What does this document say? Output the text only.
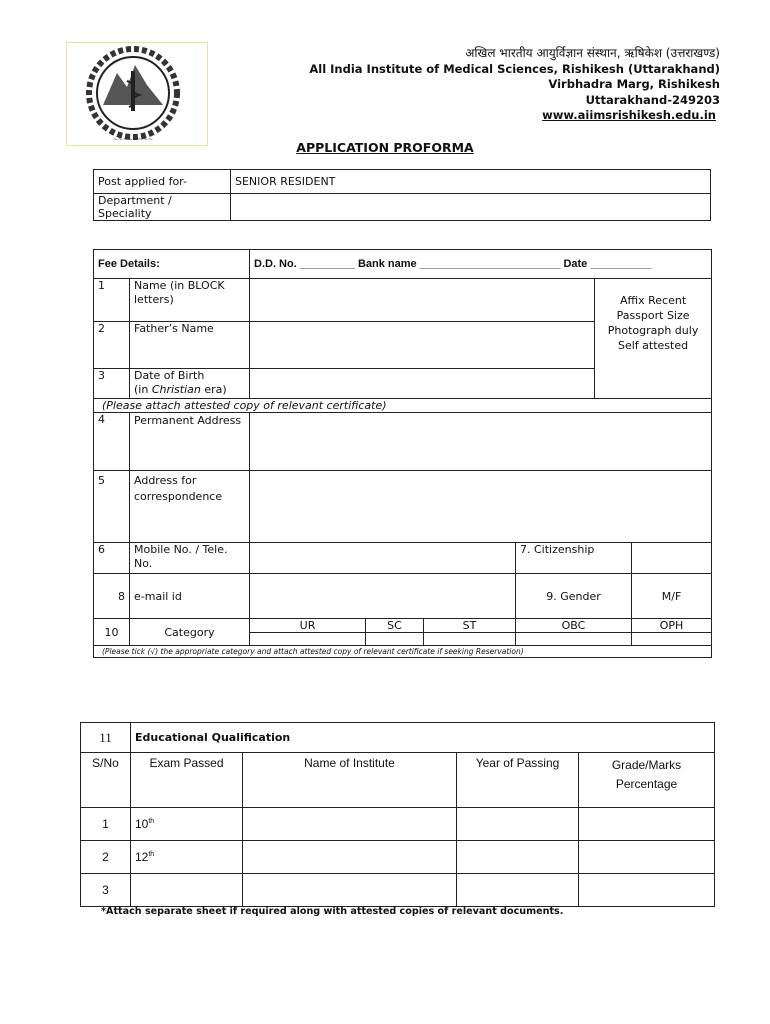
~~~~~~~~
अखिल भारतीय आयुर्विज्ञान संस्थान, ऋषिकेश (उत्तराखण्ड)
All India Institute of Medical Sciences, Rishikesh (Uttarakhand)
Virbhadra Marg, Rishikesh
Uttarakhand-249203
www.aiimsrishikesh.edu.in
APPLICATION PROFORMA
Post applied for-	SENIOR RESIDENT
Department / Speciality	
Fee Details:		D.D. No. _________ Bank name _______________________ Date __________					
1	Name (in BLOCK letters)					Affix Recent Passport Size Photograph duly Self attested	
2	Father’s Name						
3	Date of Birth
(in Christian era)						
(Please attach attested copy of relevant certificate)							
4	Permanent Address						
5	Address for correspondence						
6	Mobile No. / Tele. No.				7. Citizenship		
8	e-mail id				9. Gender		M/F
10	Category	UR	SC	ST	OBC		OPH

(Please tick (√) the appropriate category and attach attested copy of relevant certificate if seeking Reservation)							
11	Educational Qualification			
S/No	Exam Passed	Name of Institute	Year of Passing	Grade/Marks Percentage
1	10th			
2	12th			
3				
*Attach separate sheet if required along with attested copies of relevant documents.
